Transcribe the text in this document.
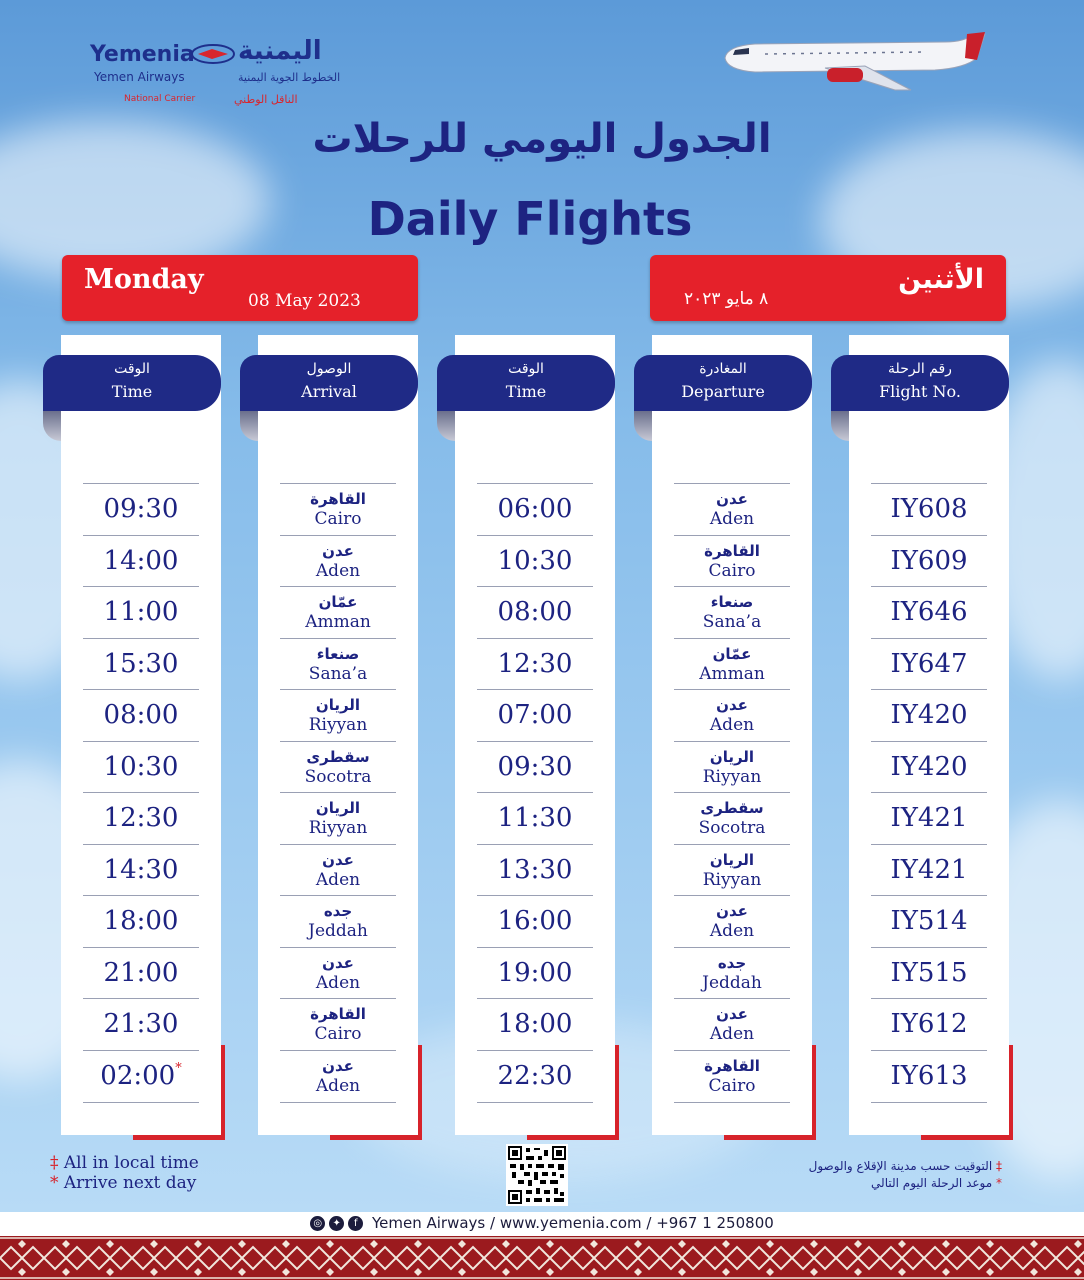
Yemenia اليمنية
Yemen Airways	الخطوط الجوية اليمنية
National Carrier	الناقل الوطني
الجدول اليومي للرحلات
Daily Flights
Monday
08 May 2023
الأثنين
٨ مايو ٢٠٢٣
الوقت
Time
09:30
14:00
11:00
15:30
08:00
10:30
12:30
14:30
18:00
21:00
21:30
02:00*
الوصول
Arrival
القاهرة
Cairo
عدن
Aden
عمّان
Amman
صنعاء
Sana’a
الريان
Riyyan
سقطرى
Socotra
الريان
Riyyan
عدن
Aden
جده
Jeddah
عدن
Aden
القاهرة
Cairo
عدن
Aden
الوقت
Time
06:00
10:30
08:00
12:30
07:00
09:30
11:30
13:30
16:00
19:00
18:00
22:30
المغادرة
Departure
عدن
Aden
القاهرة
Cairo
صنعاء
Sana’a
عمّان
Amman
عدن
Aden
الريان
Riyyan
سقطرى
Socotra
الريان
Riyyan
عدن
Aden
جده
Jeddah
عدن
Aden
القاهرة
Cairo
رقم الرحلة
Flight No.
IY608
IY609
IY646
IY647
IY420
IY420
IY421
IY421
IY514
IY515
IY612
IY613
‡ All in local time
* Arrive next day
التوقيت حسب مدينة الإقلاع والوصول ‡
موعد الرحلة اليوم التالي *
◎ ✦ f Yemen Airways / www.yemenia.com / +967 1 250800
